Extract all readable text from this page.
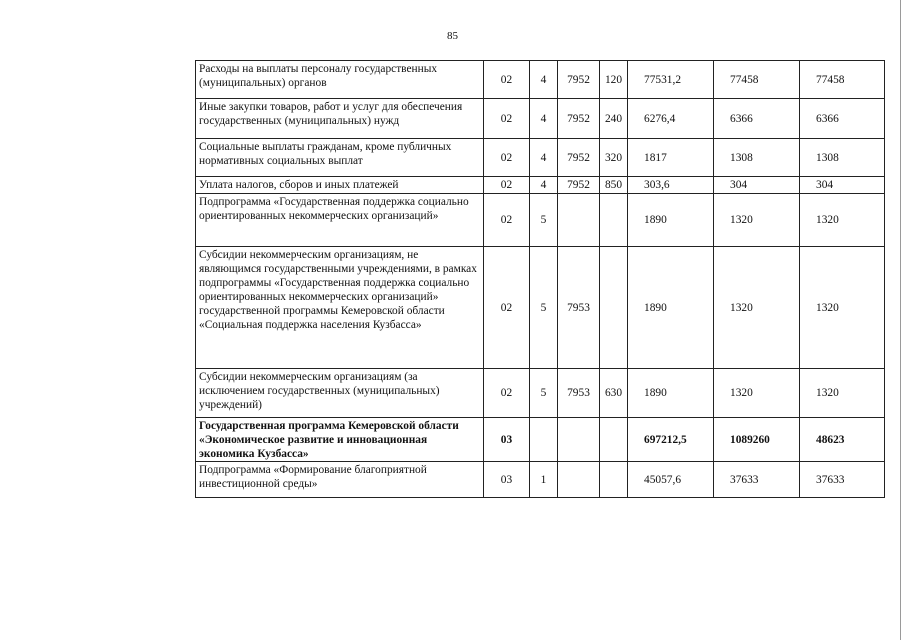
85
Расходы на выплаты персоналу государственных (муниципальных) органов	02	4	7952	120	77531,2	77458	77458
Иные закупки товаров, работ и услуг для обеспечения государственных (муниципальных) нужд	02	4	7952	240	6276,4	6366	6366
Социальные выплаты гражданам, кроме публичных нормативных социальных выплат	02	4	7952	320	1817	1308	1308
Уплата налогов, сборов и иных платежей	02	4	7952	850	303,6	304	304
Подпрограмма «Государственная поддержка социально ориентированных некоммерческих организаций»	02	5			1890	1320	1320
Субсидии некоммерческим организациям, не являющимся государственными учреждениями, в рамках подпрограммы «Государственная поддержка социально ориентированных некоммерческих организаций» государственной программы Кемеровской области «Социальная поддержка населения Кузбасса»	02	5	7953		1890	1320	1320
Субсидии некоммерческим организациям (за исключением государственных (муниципальных) учреждений)	02	5	7953	630	1890	1320	1320
Государственная программа Кемеровской области «Экономическое развитие и инновационная экономика Кузбасса»	03				697212,5	1089260	48623
Подпрограмма «Формирование благоприятной инвестиционной среды»	03	1			45057,6	37633	37633
